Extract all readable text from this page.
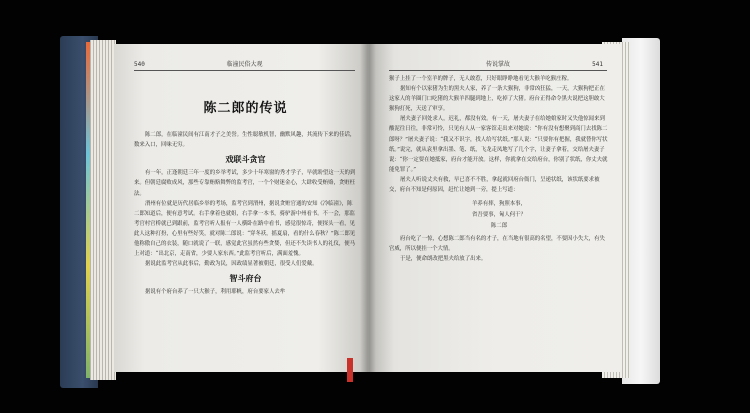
540	临潼民俗大观
陈二郎的传说

陈二郎，在临潼民间有江南才子之美誉。生性聪敏机智，幽默风趣，其流传下来的佳话，数来入口，回味无穷。

戏联斗贪官

有一年，正逢朝廷三年一度的乡举考试，多少十年寒窗的秀才学子，早就盼望这一天的到来。但朝廷腐败成风，那些专靠贿赂舞弊的监考官，一个个财迷金心，大肆收受贿赂，贪赃枉法。

渭州有位就是历代居临乡举的考场，监考官到渭州，据说贪赃官通的安知《冷临潼》，陈二郎知道后，便有意考试。右手拿着也就姐，右手拿一本书，骑驴游中州看书。不一会，那监考官村官桥就已到跟前，监考官听人报有一人横卧在路中看书，感觉很惊奇，便探头一看，见此人这种打扮，心里有些好笑，就对陈二郎说：“穿冬袄，摇夏扇，看的什么春秋？”陈二郎见他称傲自己的衣装，随口就说了一联，感觉此官虽然有些贪婪，但还不失读书人的礼仪，便马上对道：“出北京，走南省，少要人家东西。”此监考官听后，满面羞愧。

据说此监考官从此事后，勤政为民，因政绩显著被朝廷，很受人们爱戴。

智斗府台

据说有个府台养了一只大猴子，利用耶帆，府台要家人去牟

传说掌故	541

猴子上挂了一个室羊的牌子，无人敢惹，只好眼睁睁地看见大猴羊吃猴庄稼。

据知有个以家猪为生的黑夫人家，养了一条大猴狗，非常凶狂猛，一天，大猴狗把正在这家人的羊圈门口吃猪的大猴羊四腿到地上，吃掉了大猪。府台正得命令黑夫说把这胆敢大猴狗打死，天送了审享。

屠夫妻子回处求人，迟礼，都没有效。有一天，屠夫妻子在给她娘家时又失他惊闻来到酸泥往日往，非常可怜，只见有人从一家客馆走出来对她说：“你有没有想聚到商门去找陈二郎呀？”屠夫妻子说：“我又不识字，找人给写状纸。”那人说：“只要你有把握，我就替你写状纸。”说完，就从袁里拿出墨、笔、纸，飞龙走凤地写了几个字，让妻子拿着，交给屠夫妻子说：“你一定要在她抵家，府台才能开放。这样，你就拿在交给府台，你别了状纸，你丈夫就能免罪了。”

屠夫人听说丈夫有救，早已喜不不胜，拿起就回府台衙门，呈递状纸，该状纸要求被交，府台不知是何原因，赶忙让她到一旁，提上写道：

羊养有摔，狗照本事，
省吾要事，匈人何干？
陈二郎

府台吃了一惊，心想陈二郎当有名的才子，在当地有很高的名望，不要因小失大，有失官威，所以便挂一个大情。

于是，便命朗改把黑夫给放了出来。
